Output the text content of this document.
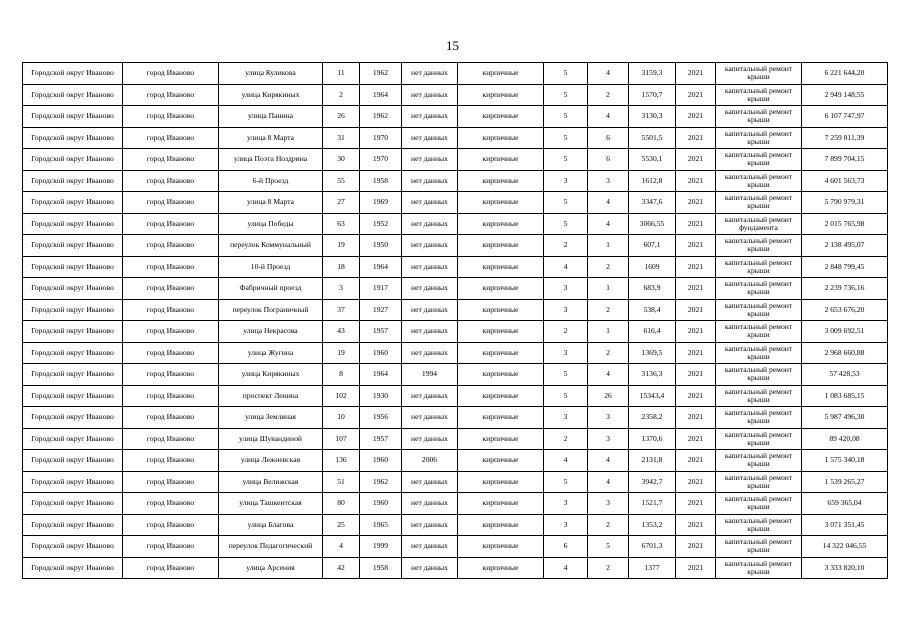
15
Городской округ Иваново	город Иваново	улица Куликова	11	1962	нет данных	кирпичные	5	4	3159,3	2021	капитальный ремонт крыши	6 221 644,20
Городской округ Иваново	город Иваново	улица Кирякиных	2	1964	нет данных	кирпичные	5	2	1570,7	2021	капитальный ремонт крыши	2 949 148,55
Городской округ Иваново	город Иваново	улица Панина	26	1962	нет данных	кирпичные	5	4	3130,3	2021	капитальный ремонт крыши	6 107 747,97
Городской округ Иваново	город Иваново	улица 8 Марта	31	1970	нет данных	кирпичные	5	6	5501,5	2021	капитальный ремонт крыши	7 259 811,39
Городской округ Иваново	город Иваново	улица Поэта Ноздрина	30	1970	нет данных	кирпичные	5	6	5530,1	2021	капитальный ремонт крыши	7 899 704,15
Городской округ Иваново	город Иваново	6-й Проезд	55	1958	нет данных	кирпичные	3	3	1612,8	2021	капитальный ремонт крыши	4 601 563,73
Городской округ Иваново	город Иваново	улица 8 Марта	27	1969	нет данных	кирпичные	5	4	3347,6	2021	капитальный ремонт крыши	5 790 979,31
Городской округ Иваново	город Иваново	улица Победы	63	1952	нет данных	кирпичные	5	4	3066,55	2021	капитальный ремонт фундамента	2 015 765,98
Городской округ Иваново	город Иваново	переулок Коммунальный	19	1950	нет данных	кирпичные	2	1	607,1	2021	капитальный ремонт крыши	2 138 495,07
Городской округ Иваново	город Иваново	10-й Проезд	18	1964	нет данных	кирпичные	4	2	1609	2021	капитальный ремонт крыши	2 848 799,45
Городской округ Иваново	город Иваново	Фабричный проезд	3	1917	нет данных	кирпичные	3	1	683,9	2021	капитальный ремонт крыши	2 239 736,16
Городской округ Иваново	город Иваново	переулок Пограничный	37	1927	нет данных	кирпичные	3	2	538,4	2021	капитальный ремонт крыши	2 653 676,20
Городской округ Иваново	город Иваново	улица Некрасова	43	1957	нет данных	кирпичные	2	1	616,4	2021	капитальный ремонт крыши	3 009 692,51
Городской округ Иваново	город Иваново	улица Жугина	19	1960	нет данных	кирпичные	3	2	1369,5	2021	капитальный ремонт крыши	2 968 660,88
Городской округ Иваново	город Иваново	улица Кирякиных	8	1964	1994	кирпичные	5	4	3136,3	2021	капитальный ремонт крыши	57 428,53
Городской округ Иваново	город Иваново	проспект Ленина	102	1930	нет данных	кирпичные	5	26	15343,4	2021	капитальный ремонт крыши	1 083 685,15
Городской округ Иваново	город Иваново	улица Земляная	10	1956	нет данных	кирпичные	3	3	2358,2	2021	капитальный ремонт крыши	5 987 496,30
Городской округ Иваново	город Иваново	улица Шувандиной	107	1957	нет данных	кирпичные	2	3	1370,6	2021	капитальный ремонт крыши	89 420,08
Городской округ Иваново	город Иваново	улица Лежневская	136	1960	2006	кирпичные	4	4	2131,8	2021	капитальный ремонт крыши	1 575 340,18
Городской округ Иваново	город Иваново	улица Велижская	51	1962	нет данных	кирпичные	5	4	3942,7	2021	капитальный ремонт крыши	1 539 265,27
Городской округ Иваново	город Иваново	улица Ташкентская	80	1960	нет данных	кирпичные	3	3	1521,7	2021	капитальный ремонт крыши	659 365,04
Городской округ Иваново	город Иваново	улица Благова	25	1965	нет данных	кирпичные	3	2	1353,2	2021	капитальный ремонт крыши	3 071 351,45
Городской округ Иваново	город Иваново	переулок Педагогический	4	1999	нет данных	кирпичные	6	5	6701,3	2021	капитальный ремонт крыши	14 322 046,55
Городской округ Иваново	город Иваново	улица Арсения	42	1958	нет данных	кирпичные	4	2	1377	2021	капитальный ремонт крыши	3 333 820,10
